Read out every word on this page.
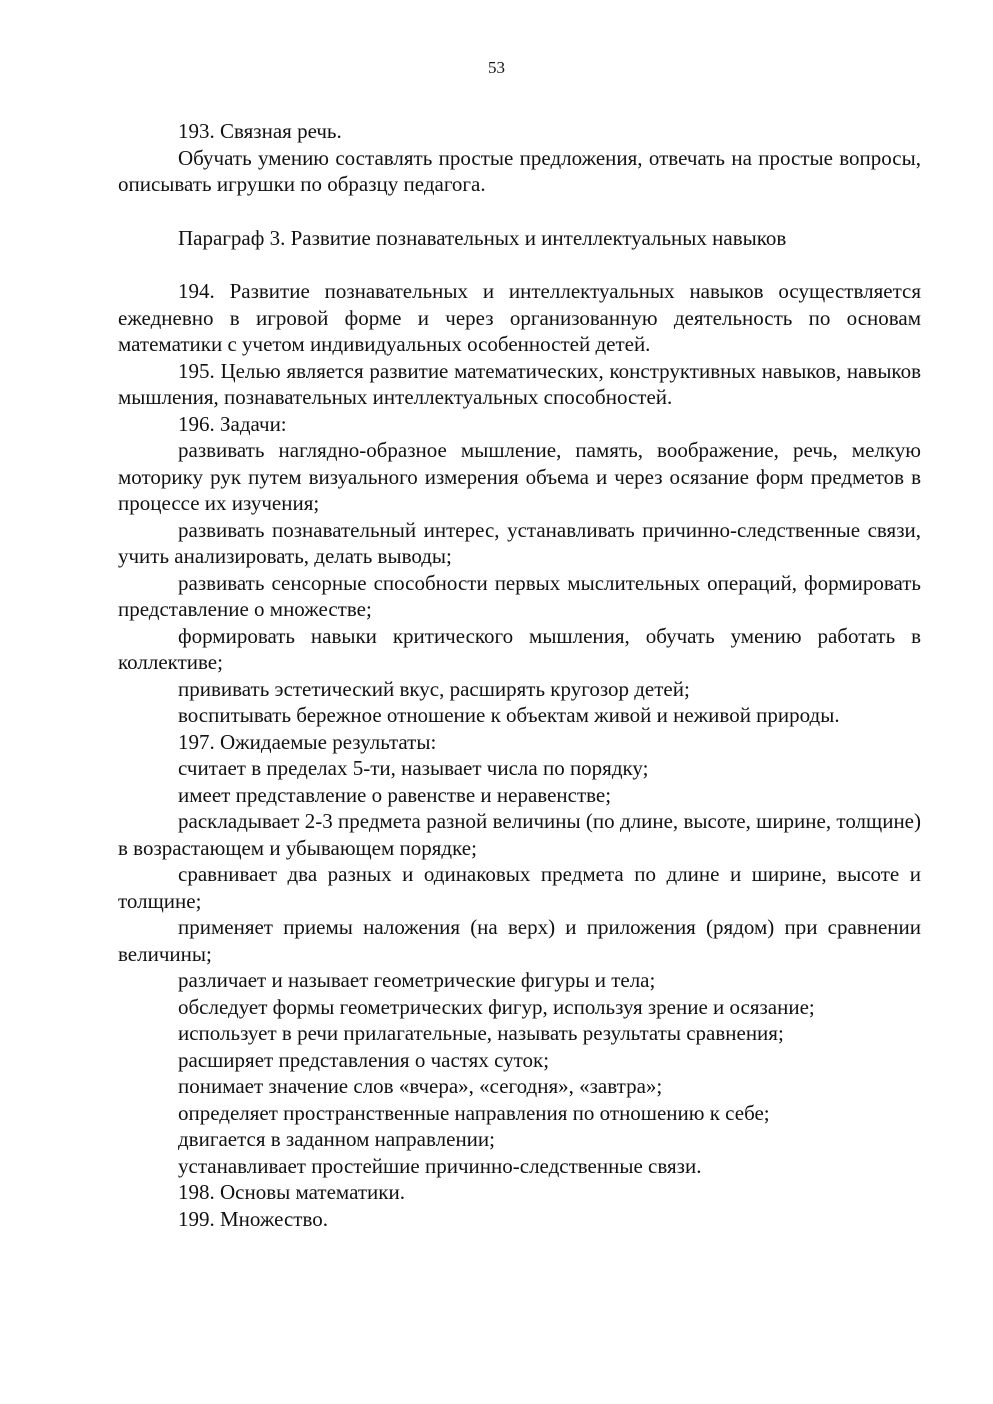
53

193. Связная речь.

Обучать умению составлять простые предложения, отвечать на простые вопросы, описывать игрушки по образцу педагога.

Параграф 3. Развитие познавательных и интеллектуальных навыков

194. Развитие познавательных и интеллектуальных навыков осуществляется ежедневно в игровой форме и через организованную деятельность по основам математики с учетом индивидуальных особенностей детей.

195. Целью является развитие математических, конструктивных навыков, навыков мышления, познавательных интеллектуальных способностей.

196. Задачи:

развивать наглядно-образное мышление, память, воображение, речь, мелкую моторику рук путем визуального измерения объема и через осязание форм предметов в процессе их изучения;

развивать познавательный интерес, устанавливать причинно-следственные связи, учить анализировать, делать выводы;

развивать сенсорные способности первых мыслительных операций, формировать представление о множестве;

формировать навыки критического мышления, обучать умению работать в коллективе;

прививать эстетический вкус, расширять кругозор детей;

воспитывать бережное отношение к объектам живой и неживой природы.

197. Ожидаемые результаты:

считает в пределах 5-ти, называет числа по порядку;

имеет представление о равенстве и неравенстве;

раскладывает 2-3 предмета разной величины (по длине, высоте, ширине, толщине) в возрастающем и убывающем порядке;

сравнивает два разных и одинаковых предмета по длине и ширине, высоте и толщине;

применяет приемы наложения (на верх) и приложения (рядом) при сравнении величины;

различает и называет геометрические фигуры и тела;

обследует формы геометрических фигур, используя зрение и осязание;

использует в речи прилагательные, называть результаты сравнения;

расширяет представления о частях суток;

понимает значение слов «вчера», «сегодня», «завтра»;

определяет пространственные направления по отношению к себе;

двигается в заданном направлении;

устанавливает простейшие причинно-следственные связи.

198. Основы математики.

199. Множество.
